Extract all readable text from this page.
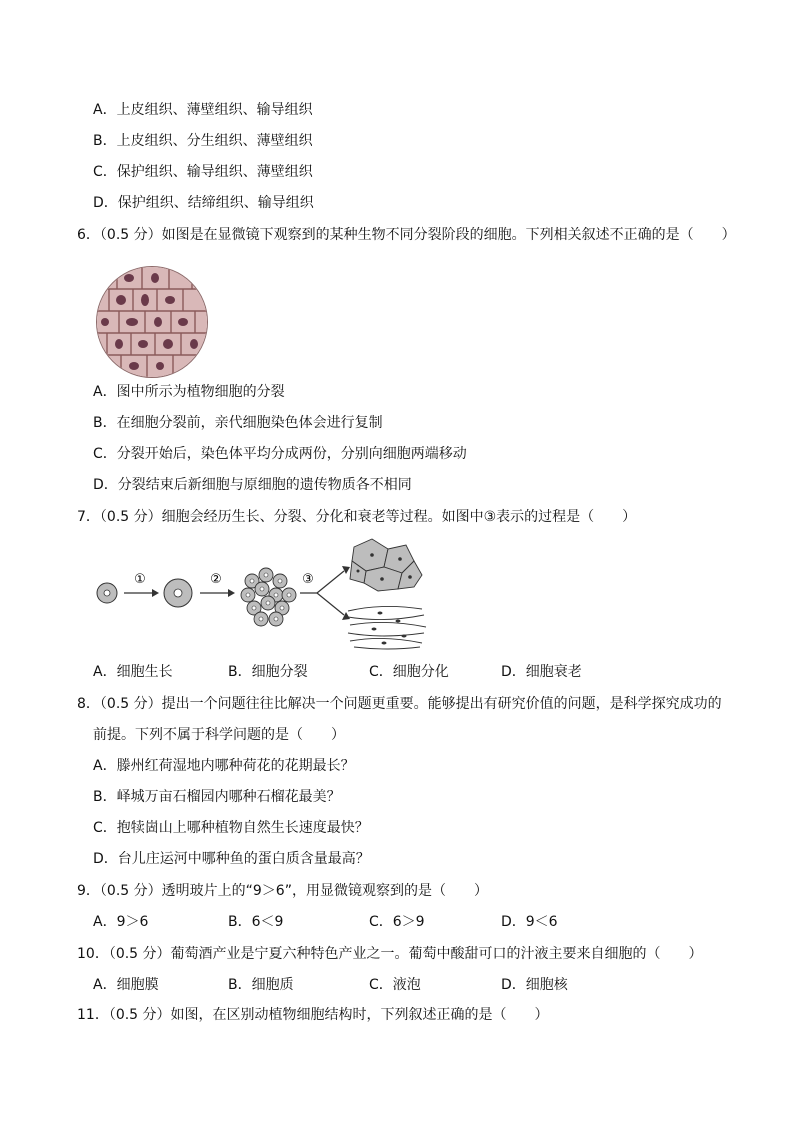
A．上皮组织、薄壁组织、输导组织
B．上皮组织、分生组织、薄壁组织
C．保护组织、输导组织、薄壁组织
D．保护组织、结缔组织、输导组织
6．（0.5 分）如图是在显微镜下观察到的某种生物不同分裂阶段的细胞。下列相关叙述不正确的是（　　）
A．图中所示为植物细胞的分裂
B．在细胞分裂前，亲代细胞染色体会进行复制
C．分裂开始后，染色体平均分成两份，分别向细胞两端移动
D．分裂结束后新细胞与原细胞的遗传物质各不相同
7．（0.5 分）细胞会经历生长、分裂、分化和衰老等过程。如图中③表示的过程是（　　）
①	②	③
A．细胞生长	B．细胞分裂	C．细胞分化	D．细胞衰老
8．（0.5 分）提出一个问题往往比解决一个问题更重要。能够提出有研究价值的问题，是科学探究成功的
前提。下列不属于科学问题的是（　　）
A．滕州红荷湿地内哪种荷花的花期最长？
B．峄城万亩石榴园内哪种石榴花最美？
C．抱犊崮山上哪种植物自然生长速度最快？
D．台儿庄运河中哪种鱼的蛋白质含量最高？
9．（0.5 分）透明玻片上的“9＞6”，用显微镜观察到的是（　　）
A．9＞6	B．6＜9	C．6＞9	D．9＜6
10．（0.5 分）葡萄酒产业是宁夏六种特色产业之一。葡萄中酸甜可口的汁液主要来自细胞的（　　）
A．细胞膜	B．细胞质	C．液泡	D．细胞核
11．（0.5 分）如图，在区别动植物细胞结构时，下列叙述正确的是（　　）
